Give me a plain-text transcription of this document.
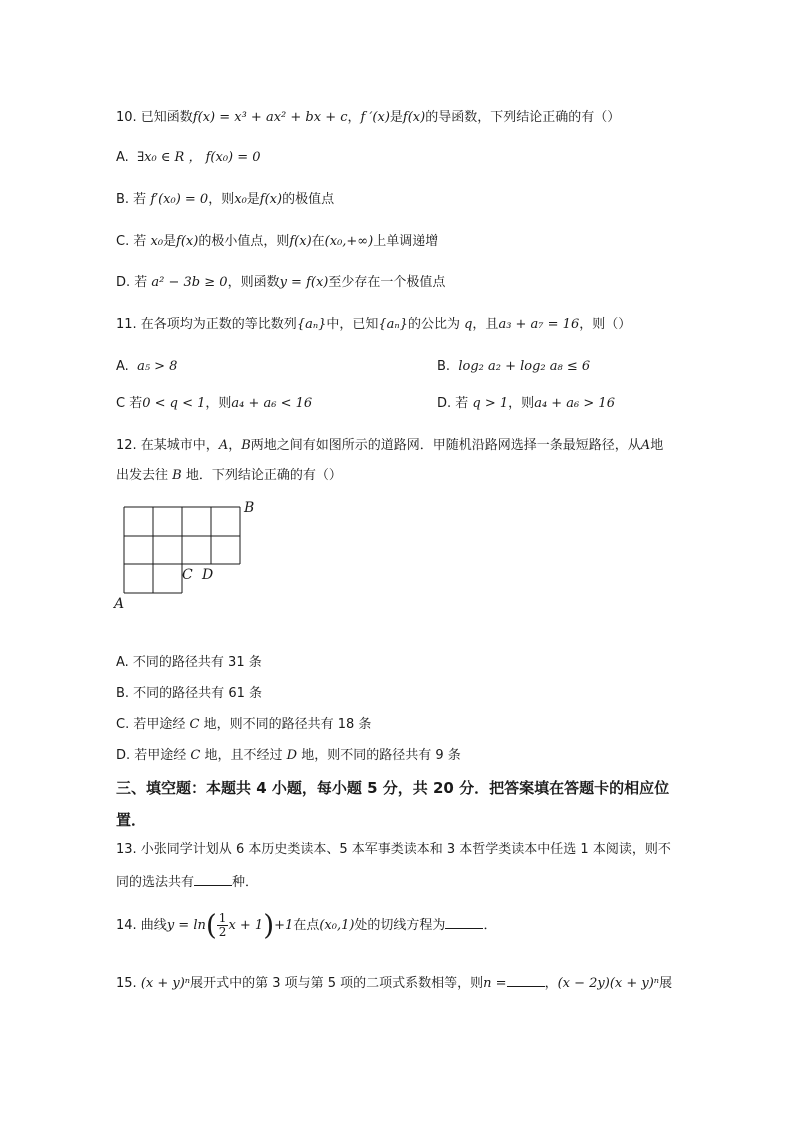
10. 已知函数f(x) = x³ + ax² + bx + c，f ′(x)是f(x)的导函数，下列结论正确的有（）
A. ∃x₀ ∈ R ， f(x₀) = 0
B. 若 f′(x₀) = 0，则x₀是f(x)的极值点
C. 若 x₀是f(x)的极小值点，则f(x)在(x₀,+∞)上单调递增
D. 若 a² − 3b ≥ 0，则函数y = f(x)至少存在一个极值点
11. 在各项均为正数的等比数列{aₙ}中，已知{aₙ}的公比为 q，且a₃ + a₇ = 16，则（）
A. a₅ > 8	B. log₂ a₂ + log₂ a₈ ≤ 6
C 若0 < q < 1，则a₄ + a₆ < 16	D. 若 q > 1，则a₄ + a₆ > 16
12. 在某城市中，A，B两地之间有如图所示的道路网．甲随机沿路网选择一条最短路径，从A地
出发去往 B 地．下列结论正确的有（）
B
C D
A
A. 不同的路径共有 31 条
B. 不同的路径共有 61 条
C. 若甲途经 C 地，则不同的路径共有 18 条
D. 若甲途经 C 地，且不经过 D 地，则不同的路径共有 9 条
三、填空题：本题共 4 小题，每小题 5 分，共 20 分．把答案填在答题卡的相应位
置．
13. 小张同学计划从 6 本历史类读本、5 本军事类读本和 3 本哲学类读本中任选 1 本阅读，则不
同的选法共有	种．
14. 曲线$y = \ln( \frac{1}{2}$ x + 1)+1在点(x₀,1)处的切线方程为	．
15. (x + y)ⁿ展开式中的第 3 项与第 5 项的二项式系数相等，则n =	，(x − 2y)(x + y)ⁿ展
